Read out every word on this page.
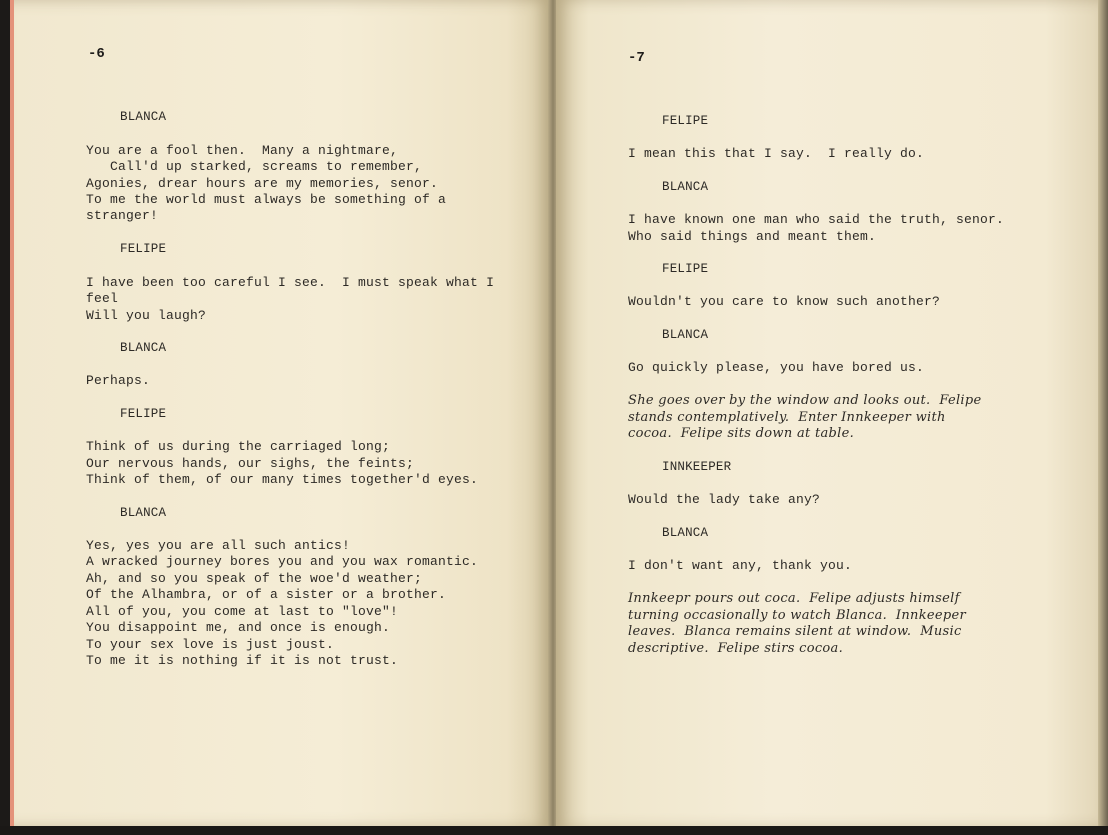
-6
BLANCA
You are a fool then.  Many a nightmare,
Call'd up starked, screams to remember,
Agonies, drear hours are my memories, senor.
To me the world must always be something of a
stranger!
FELIPE
I have been too careful I see.  I must speak what I
feel
Will you laugh?
BLANCA
Perhaps.
FELIPE
Think of us during the carriaged long;
Our nervous hands, our sighs, the feints;
Think of them, of our many times together'd eyes.
BLANCA
Yes, yes you are all such antics!
A wracked journey bores you and you wax romantic.
Ah, and so you speak of the woe'd weather;
Of the Alhambra, or of a sister or a brother.
All of you, you come at last to "love"!
You disappoint me, and once is enough.
To your sex love is just joust.
To me it is nothing if it is not trust.
-7
FELIPE
I mean this that I say.  I really do.
BLANCA
I have known one man who said the truth, senor.
Who said things and meant them.
FELIPE
Wouldn't you care to know such another?
BLANCA
Go quickly please, you have bored us.
She goes over by the window and looks out.  Felipe
stands contemplatively.  Enter Innkeeper with
cocoa.  Felipe sits down at table.
INNKEEPER
Would the lady take any?
BLANCA
I don't want any, thank you.
Innkeepr pours out coca.  Felipe adjusts himself
turning occasionally to watch Blanca.  Innkeeper
leaves.  Blanca remains silent at window.  Music
descriptive.  Felipe stirs cocoa.
